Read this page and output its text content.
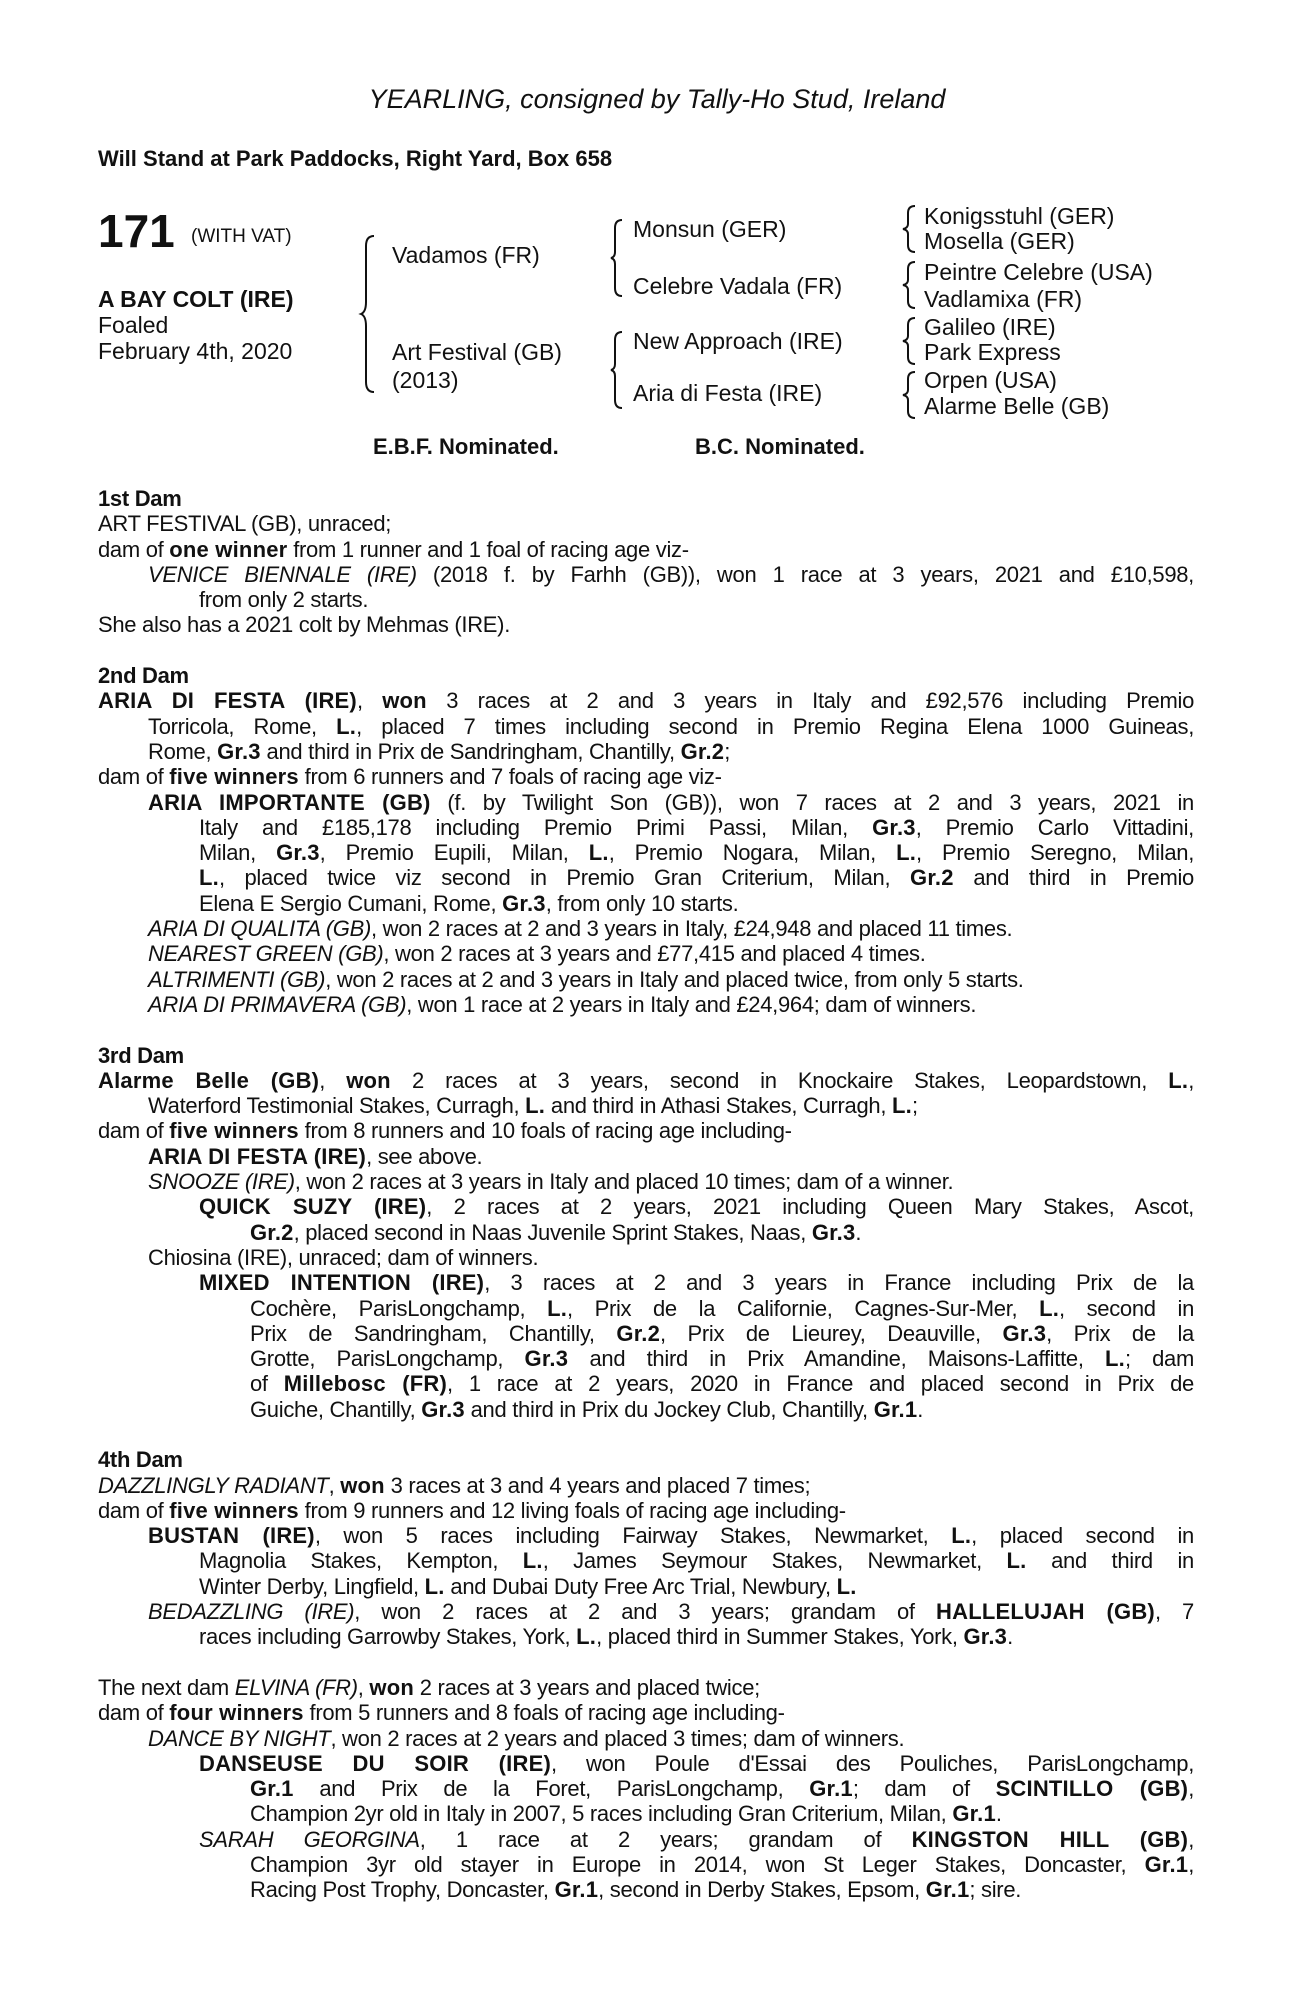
YEARLING, consigned by Tally-Ho Stud, Ireland
Will Stand at Park Paddocks, Right Yard, Box 658
171 (WITH VAT)
A BAY COLT (IRE)
Foaled
February 4th, 2020
Vadamos (FR)
Art Festival (GB)
(2013)
Monsun (GER)
Celebre Vadala (FR)
New Approach (IRE)
Aria di Festa (IRE)
Konigsstuhl (GER)
Mosella (GER)
Peintre Celebre (USA)
Vadlamixa (FR)
Galileo (IRE)
Park Express
Orpen (USA)
Alarme Belle (GB)
E.B.F. Nominated.	B.C. Nominated.
1st Dam
ART FESTIVAL (GB), unraced;
dam of one winner from 1 runner and 1 foal of racing age viz-
VENICE BIENNALE (IRE) (2018 f. by Farhh (GB)), won 1 race at 3 years, 2021 and £10,598,
from only 2 starts.
She also has a 2021 colt by Mehmas (IRE).
2nd Dam
ARIA DI FESTA (IRE), won 3 races at 2 and 3 years in Italy and £92,576 including Premio
Torricola, Rome, L., placed 7 times including second in Premio Regina Elena 1000 Guineas,
Rome, Gr.3 and third in Prix de Sandringham, Chantilly, Gr.2;
dam of five winners from 6 runners and 7 foals of racing age viz-
ARIA IMPORTANTE (GB) (f. by Twilight Son (GB)), won 7 races at 2 and 3 years, 2021 in
Italy and £185,178 including Premio Primi Passi, Milan, Gr.3, Premio Carlo Vittadini,
Milan, Gr.3, Premio Eupili, Milan, L., Premio Nogara, Milan, L., Premio Seregno, Milan,
L., placed twice viz second in Premio Gran Criterium, Milan, Gr.2 and third in Premio
Elena E Sergio Cumani, Rome, Gr.3, from only 10 starts.
ARIA DI QUALITA (GB), won 2 races at 2 and 3 years in Italy, £24,948 and placed 11 times.
NEAREST GREEN (GB), won 2 races at 3 years and £77,415 and placed 4 times.
ALTRIMENTI (GB), won 2 races at 2 and 3 years in Italy and placed twice, from only 5 starts.
ARIA DI PRIMAVERA (GB), won 1 race at 2 years in Italy and £24,964; dam of winners.
3rd Dam
Alarme Belle (GB), won 2 races at 3 years, second in Knockaire Stakes, Leopardstown, L.,
Waterford Testimonial Stakes, Curragh, L. and third in Athasi Stakes, Curragh, L.;
dam of five winners from 8 runners and 10 foals of racing age including-
ARIA DI FESTA (IRE), see above.
SNOOZE (IRE), won 2 races at 3 years in Italy and placed 10 times; dam of a winner.
QUICK SUZY (IRE), 2 races at 2 years, 2021 including Queen Mary Stakes, Ascot,
Gr.2, placed second in Naas Juvenile Sprint Stakes, Naas, Gr.3.
Chiosina (IRE), unraced; dam of winners.
MIXED INTENTION (IRE), 3 races at 2 and 3 years in France including Prix de la
Cochère, ParisLongchamp, L., Prix de la Californie, Cagnes-Sur-Mer, L., second in
Prix de Sandringham, Chantilly, Gr.2, Prix de Lieurey, Deauville, Gr.3, Prix de la
Grotte, ParisLongchamp, Gr.3 and third in Prix Amandine, Maisons-Laffitte, L.; dam
of Millebosc (FR), 1 race at 2 years, 2020 in France and placed second in Prix de
Guiche, Chantilly, Gr.3 and third in Prix du Jockey Club, Chantilly, Gr.1.
4th Dam
DAZZLINGLY RADIANT, won 3 races at 3 and 4 years and placed 7 times;
dam of five winners from 9 runners and 12 living foals of racing age including-
BUSTAN (IRE), won 5 races including Fairway Stakes, Newmarket, L., placed second in
Magnolia Stakes, Kempton, L., James Seymour Stakes, Newmarket, L. and third in
Winter Derby, Lingfield, L. and Dubai Duty Free Arc Trial, Newbury, L.
BEDAZZLING (IRE), won 2 races at 2 and 3 years; grandam of HALLELUJAH (GB), 7
races including Garrowby Stakes, York, L., placed third in Summer Stakes, York, Gr.3.
The next dam ELVINA (FR), won 2 races at 3 years and placed twice;
dam of four winners from 5 runners and 8 foals of racing age including-
DANCE BY NIGHT, won 2 races at 2 years and placed 3 times; dam of winners.
DANSEUSE DU SOIR (IRE), won Poule d'Essai des Pouliches, ParisLongchamp,
Gr.1 and Prix de la Foret, ParisLongchamp, Gr.1; dam of SCINTILLO (GB),
Champion 2yr old in Italy in 2007, 5 races including Gran Criterium, Milan, Gr.1.
SARAH GEORGINA, 1 race at 2 years; grandam of KINGSTON HILL (GB),
Champion 3yr old stayer in Europe in 2014, won St Leger Stakes, Doncaster, Gr.1,
Racing Post Trophy, Doncaster, Gr.1, second in Derby Stakes, Epsom, Gr.1; sire.
